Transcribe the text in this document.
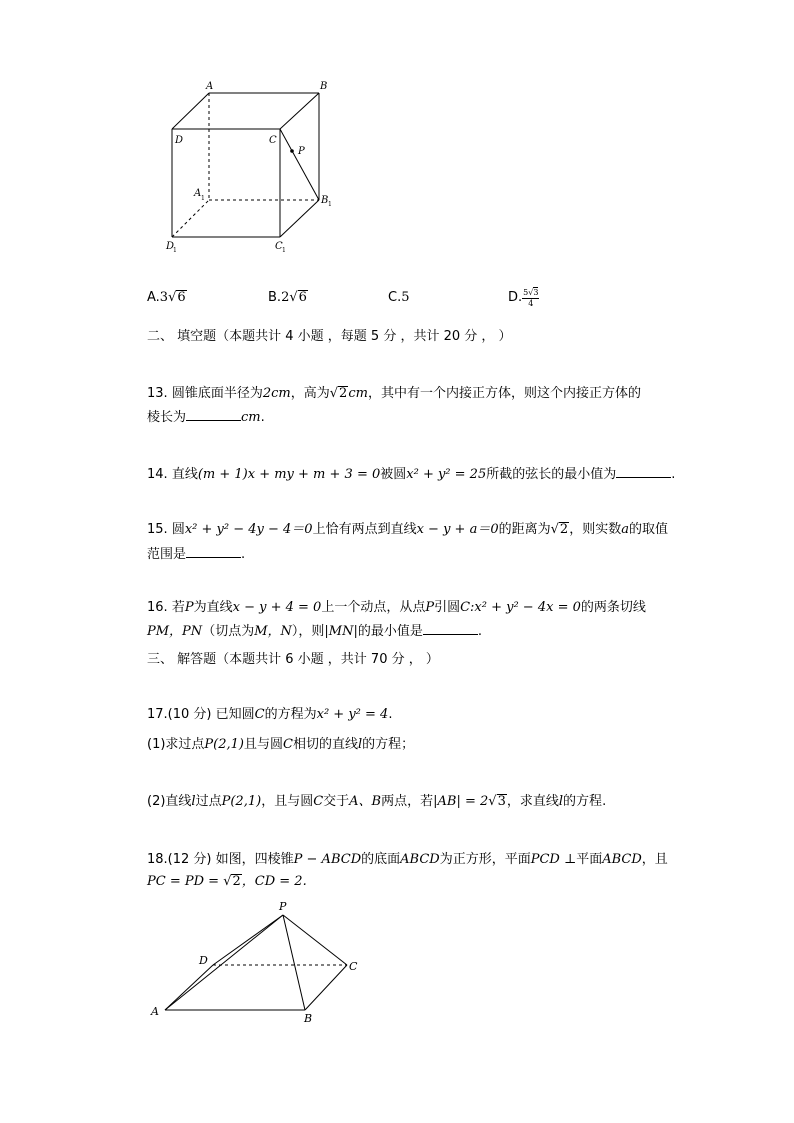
A	B
D	C
P
A 1	B 1
D
1	C 1
A.3√6	B.2√6	C.5	D. $\frac{5√3}{4}$
二、 填空题（本题共计 4 小题 ，每题 5 分 ，共计 20 分 ， ）
13. 圆锥底面半径为2cm，高为√2cm，其中有一个内接正方体，则这个内接正方体的
棱长为	cm.
14. 直线(m + 1)x + my + m + 3 = 0被圆x² + y² = 25所截的弦长的最小值为	.
15. 圆x² + y² − 4y − 4＝0上恰有两点到直线x − y + a＝0的距离为√2，则实数a的取值
范围是	.
16. 若P为直线x − y + 4 = 0上一个动点，从点P引圆C:x² + y² − 4x = 0的两条切线
PM，PN（切点为M，N），则|MN|的最小值是	.
三、 解答题（本题共计 6 小题 ，共计 70 分 ， ）
17.(10 分) 已知圆C的方程为x² + y² = 4.
(1)求过点P(2,1)且与圆C相切的直线l的方程；
(2)直线l过点P(2,1)，且与圆C交于A、B两点，若|AB| = 2√3，求直线l的方程.
18.(12 分) 如图，四棱锥P − ABCD的底面ABCD为正方形，平面PCD ⊥平面ABCD，且
PC = PD = √2，CD = 2.
P
D	C
A
B
